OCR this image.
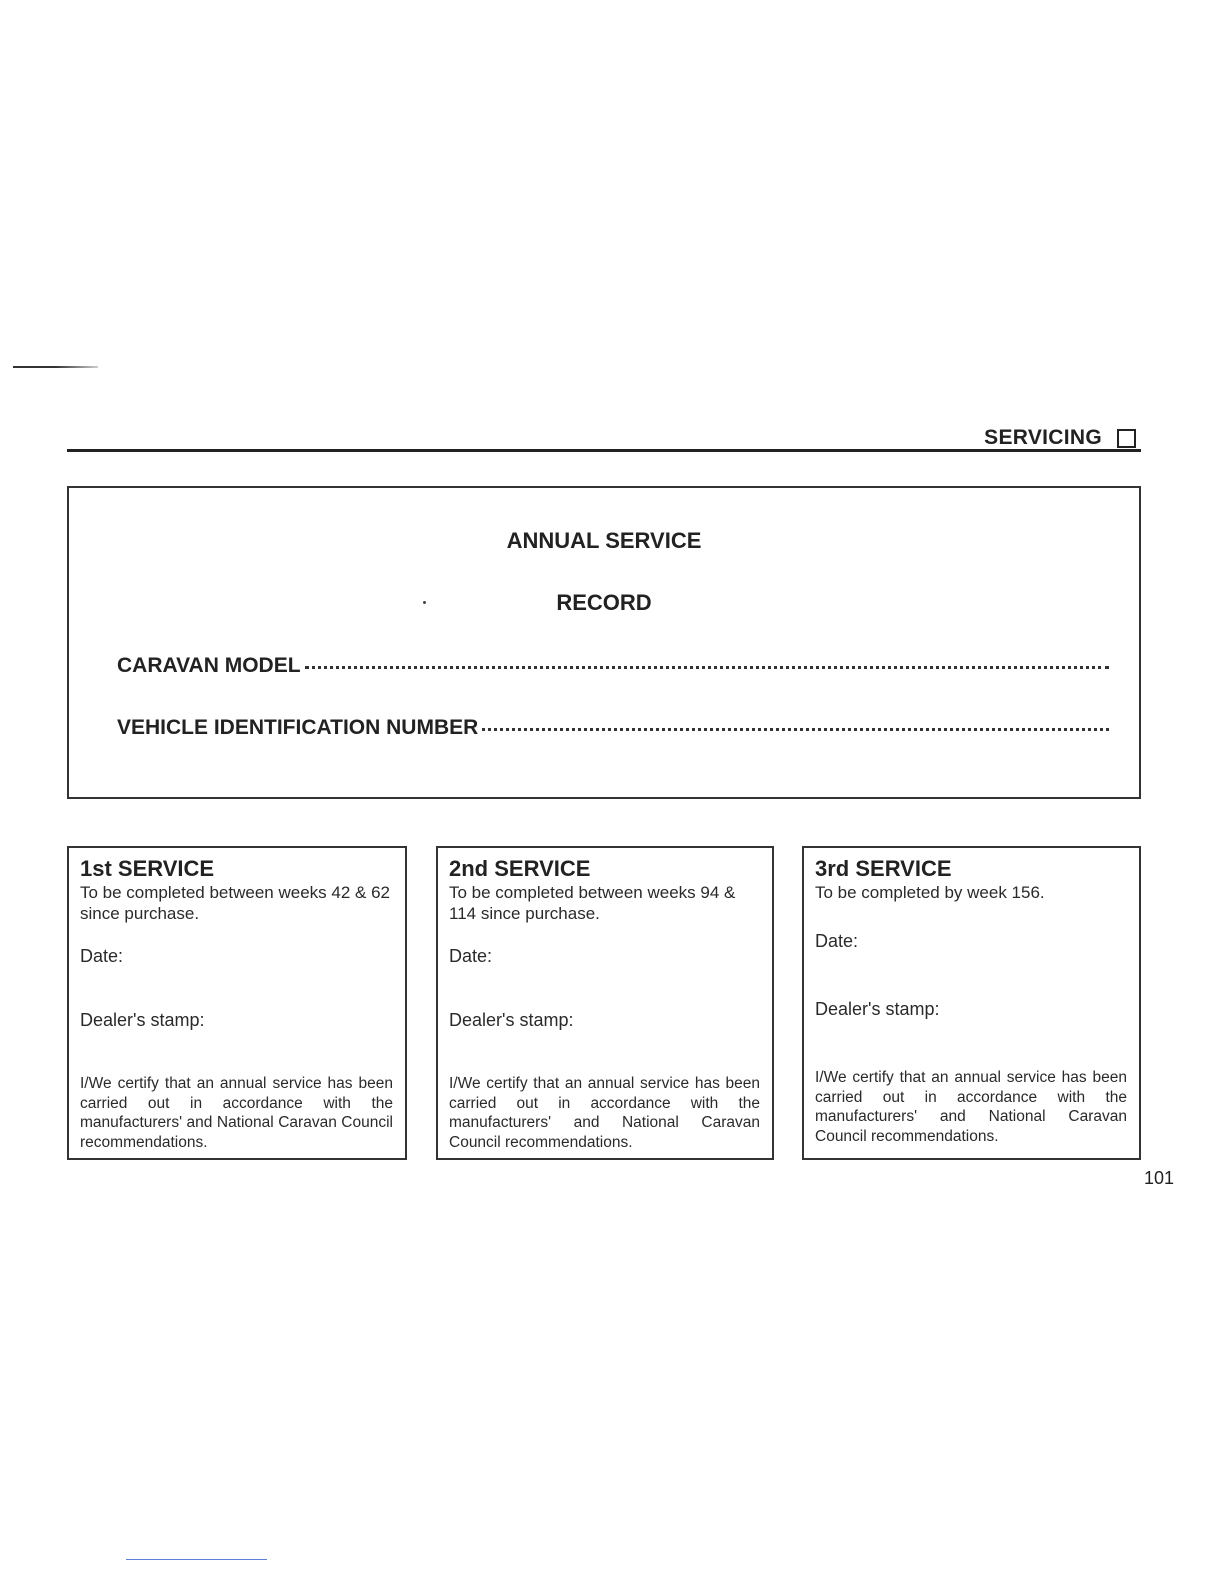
SERVICING
ANNUAL SERVICE
RECORD
CARAVAN MODEL
VEHICLE IDENTIFICATION NUMBER
1st SERVICE
To be completed between weeks 42 & 62 since purchase.
Date:
Dealer's stamp:
I/We certify that an annual service has been carried out in accordance with the manufacturers' and National Caravan Council recommendations.
2nd SERVICE
To be completed between weeks 94 & 114 since purchase.
Date:
Dealer's stamp:
I/We certify that an annual service has been carried out in accordance with the manufacturers' and National Caravan Council recommendations.
3rd SERVICE
To be completed by week 156.
Date:
Dealer's stamp:
I/We certify that an annual service has been carried out in accordance with the manufacturers' and National Caravan Council recommendations.
101
